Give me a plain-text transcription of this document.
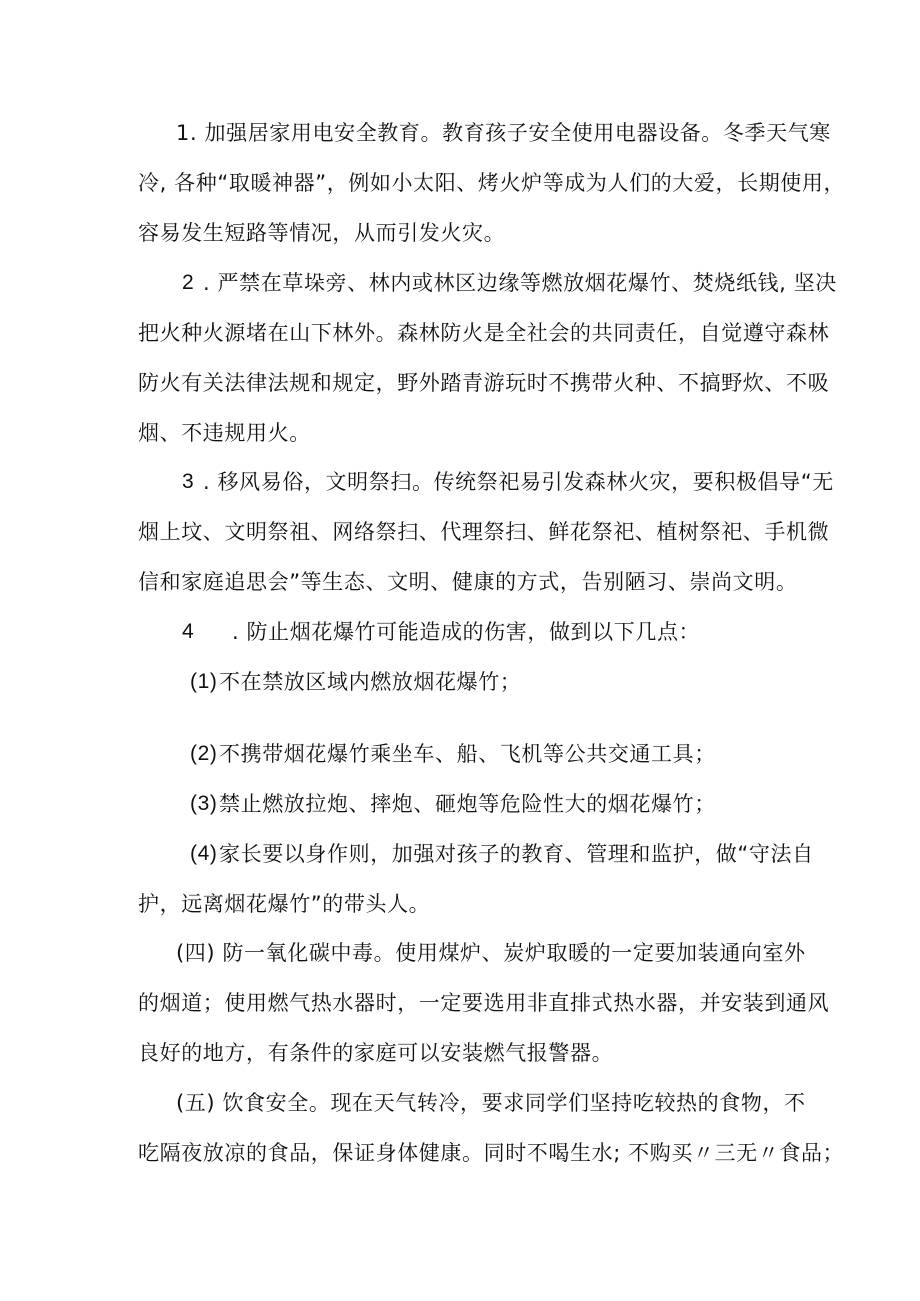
1. 加强居家用电安全教育。教育孩子安全使用电器设备。冬季天气寒
冷, 各种“取暖神器”，例如小太阳、烤火炉等成为人们的大爱，长期使用，
容易发生短路等情况，从而引发火灾。
2 . 严禁在草垛旁、林内或林区边缘等燃放烟花爆竹、焚烧纸钱, 坚决
把火种火源堵在山下林外。森林防火是全社会的共同责任，自觉遵守森林
防火有关法律法规和规定，野外踏青游玩时不携带火种、不搞野炊、不吸
烟、不违规用火。
3 . 移风易俗，文明祭扫。传统祭祀易引发森林火灾，要积极倡导“无
烟上坟、文明祭祖、网络祭扫、代理祭扫、鲜花祭祀、植树祭祀、手机微
信和家庭追思会”等生态、文明、健康的方式，告别陋习、崇尚文明。
4 . 防止烟花爆竹可能造成的伤害，做到以下几点：
(1) 不在禁放区域内燃放烟花爆竹；
(2) 不携带烟花爆竹乘坐车、船、飞机等公共交通工具；
(3) 禁止燃放拉炮、摔炮、砸炮等危险性大的烟花爆竹；
(4) 家长要以身作则，加强对孩子的教育、管理和监护，做“守法自
护，远离烟花爆竹”的带头人。
(四) 防一氧化碳中毒。使用煤炉、炭炉取暖的一定要加装通向室外
的烟道；使用燃气热水器时，一定要选用非直排式热水器，并安装到通风
良好的地方，有条件的家庭可以安装燃气报警器。
(五) 饮食安全。现在天气转冷，要求同学们坚持吃较热的食物，不
吃隔夜放凉的食品，保证身体健康。同时不喝生水; 不购买〃三无〃食品；
